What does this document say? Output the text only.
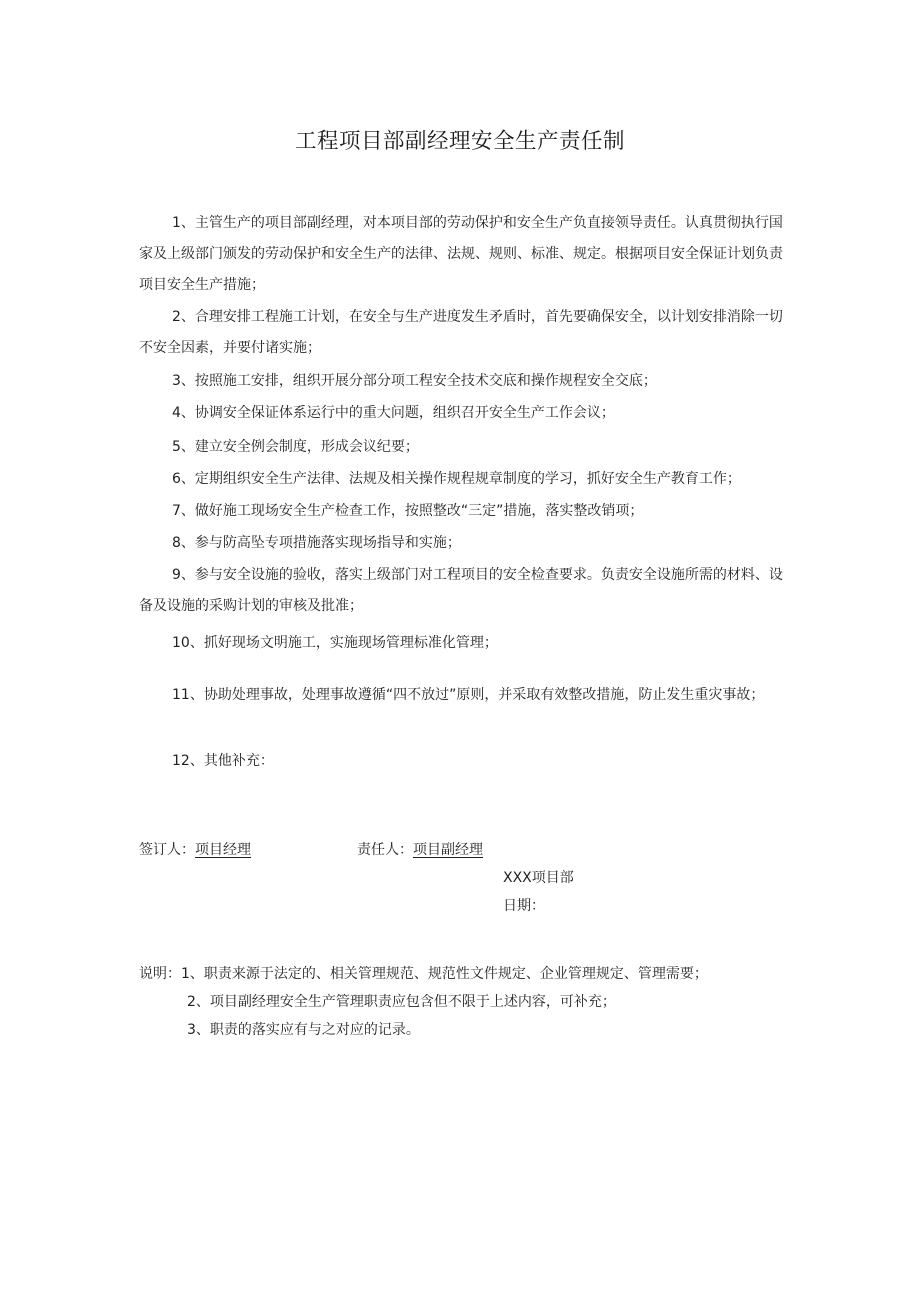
工程项目部副经理安全生产责任制

1、主管生产的项目部副经理，对本项目部的劳动保护和安全生产负直接领导责任。认真贯彻执行国家及上级部门颁发的劳动保护和安全生产的法律、法规、规则、标准、规定。根据项目安全保证计划负责项目安全生产措施；

2、合理安排工程施工计划，在安全与生产进度发生矛盾时，首先要确保安全，以计划安排消除一切不安全因素，并要付诸实施；

3、按照施工安排，组织开展分部分项工程安全技术交底和操作规程安全交底；

4、协调安全保证体系运行中的重大问题，组织召开安全生产工作会议；

5、建立安全例会制度，形成会议纪要；

6、定期组织安全生产法律、法规及相关操作规程规章制度的学习，抓好安全生产教育工作；

7、做好施工现场安全生产检查工作，按照整改“三定”措施，落实整改销项；

8、参与防高坠专项措施落实现场指导和实施；

9、参与安全设施的验收，落实上级部门对工程项目的安全检查要求。负责安全设施所需的材料、设备及设施的采购计划的审核及批准；

10、抓好现场文明施工，实施现场管理标准化管理；

11、协助处理事故，处理事故遵循“四不放过”原则，并采取有效整改措施，防止发生重灾事故；

12、其他补充：

签订人：项目经理	责任人：项目副经理
XXX项目部
日期：
说明：1、职责来源于法定的、相关管理规范、规范性文件规定、企业管理规定、管理需要；
2、项目副经理安全生产管理职责应包含但不限于上述内容，可补充；
3、职责的落实应有与之对应的记录。
